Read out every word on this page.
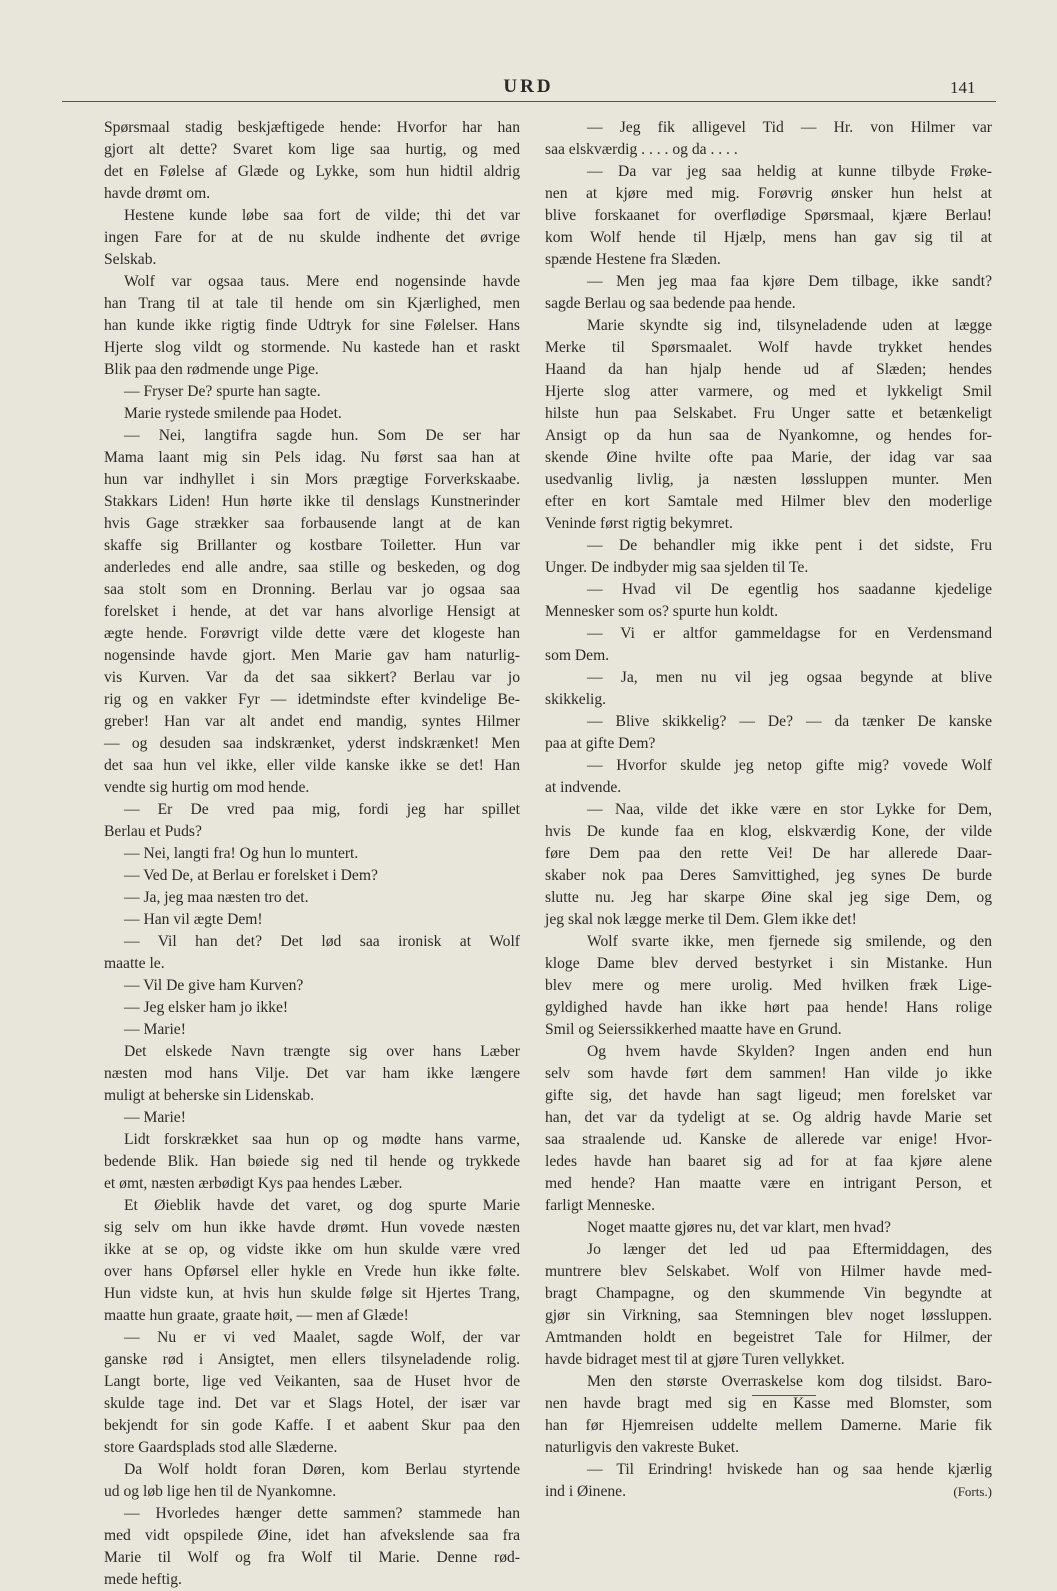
URD	141
Spørsmaal stadig beskjæftigede hende: Hvorfor har han
gjort alt dette? Svaret kom lige saa hurtig, og med
det en Følelse af Glæde og Lykke, som hun hidtil aldrig
havde drømt om.
Hestene kunde løbe saa fort de vilde; thi det var
ingen Fare for at de nu skulde indhente det øvrige
Selskab.
Wolf var ogsaa taus. Mere end nogensinde havde
han Trang til at tale til hende om sin Kjærlighed, men
han kunde ikke rigtig finde Udtryk for sine Følelser. Hans
Hjerte slog vildt og stormende. Nu kastede han et raskt
Blik paa den rødmende unge Pige.
— Fryser De? spurte han sagte.
Marie rystede smilende paa Hodet.
— Nei, langtifra sagde hun. Som De ser har
Mama laant mig sin Pels idag. Nu først saa han at
hun var indhyllet i sin Mors prægtige Forverkskaabe.
Stakkars Liden! Hun hørte ikke til denslags Kunstnerinder
hvis Gage strækker saa forbausende langt at de kan
skaffe sig Brillanter og kostbare Toiletter. Hun var
anderledes end alle andre, saa stille og beskeden, og dog
saa stolt som en Dronning. Berlau var jo ogsaa saa
forelsket i hende, at det var hans alvorlige Hensigt at
ægte hende. Forøvrigt vilde dette være det klogeste han
nogensinde havde gjort. Men Marie gav ham naturlig-
vis Kurven. Var da det saa sikkert? Berlau var jo
rig og en vakker Fyr — idetmindste efter kvindelige Be-
greber! Han var alt andet end mandig, syntes Hilmer
— og desuden saa indskrænket, yderst indskrænket! Men
det saa hun vel ikke, eller vilde kanske ikke se det! Han
vendte sig hurtig om mod hende.
— Er De vred paa mig, fordi jeg har spillet
Berlau et Puds?
— Nei, langti fra! Og hun lo muntert.
— Ved De, at Berlau er forelsket i Dem?
— Ja, jeg maa næsten tro det.
— Han vil ægte Dem!
— Vil han det? Det lød saa ironisk at Wolf
maatte le.
— Vil De give ham Kurven?
— Jeg elsker ham jo ikke!
— Marie!
Det elskede Navn trængte sig over hans Læber
næsten mod hans Vilje. Det var ham ikke længere
muligt at beherske sin Lidenskab.
— Marie!
Lidt forskrækket saa hun op og mødte hans varme,
bedende Blik. Han bøiede sig ned til hende og trykkede
et ømt, næsten ærbødigt Kys paa hendes Læber.
Et Øieblik havde det varet, og dog spurte Marie
sig selv om hun ikke havde drømt. Hun vovede næsten
ikke at se op, og vidste ikke om hun skulde være vred
over hans Opførsel eller hykle en Vrede hun ikke følte.
Hun vidste kun, at hvis hun skulde følge sit Hjertes Trang,
maatte hun graate, graate høit, — men af Glæde!
— Nu er vi ved Maalet, sagde Wolf, der var
ganske rød i Ansigtet, men ellers tilsyneladende rolig.
Langt borte, lige ved Veikanten, saa de Huset hvor de
skulde tage ind. Det var et Slags Hotel, der især var
bekjendt for sin gode Kaffe. I et aabent Skur paa den
store Gaardsplads stod alle Slæderne.
Da Wolf holdt foran Døren, kom Berlau styrtende
ud og løb lige hen til de Nyankomne.
— Hvorledes hænger dette sammen? stammede han
med vidt opspilede Øine, idet han afvekslende saa fra
Marie til Wolf og fra Wolf til Marie. Denne rød-
mede heftig.
— Jeg fik alligevel Tid — Hr. von Hilmer var
saa elskværdig . . . . og da . . . .
— Da var jeg saa heldig at kunne tilbyde Frøke-
nen at kjøre med mig. Forøvrig ønsker hun helst at
blive forskaanet for overflødige Spørsmaal, kjære Berlau!
kom Wolf hende til Hjælp, mens han gav sig til at
spænde Hestene fra Slæden.
— Men jeg maa faa kjøre Dem tilbage, ikke sandt?
sagde Berlau og saa bedende paa hende.
Marie skyndte sig ind, tilsyneladende uden at lægge
Merke til Spørsmaalet. Wolf havde trykket hendes
Haand da han hjalp hende ud af Slæden; hendes
Hjerte slog atter varmere, og med et lykkeligt Smil
hilste hun paa Selskabet. Fru Unger satte et betænkeligt
Ansigt op da hun saa de Nyankomne, og hendes for-
skende Øine hvilte ofte paa Marie, der idag var saa
usedvanlig livlig, ja næsten løssluppen munter. Men
efter en kort Samtale med Hilmer blev den moderlige
Veninde først rigtig bekymret.
— De behandler mig ikke pent i det sidste, Fru
Unger. De indbyder mig saa sjelden til Te.
— Hvad vil De egentlig hos saadanne kjedelige
Mennesker som os? spurte hun koldt.
— Vi er altfor gammeldagse for en Verdensmand
som Dem.
— Ja, men nu vil jeg ogsaa begynde at blive
skikkelig.
— Blive skikkelig? — De? — da tænker De kanske
paa at gifte Dem?
— Hvorfor skulde jeg netop gifte mig? vovede Wolf
at indvende.
— Naa, vilde det ikke være en stor Lykke for Dem,
hvis De kunde faa en klog, elskværdig Kone, der vilde
føre Dem paa den rette Vei! De har allerede Daar-
skaber nok paa Deres Samvittighed, jeg synes De burde
slutte nu. Jeg har skarpe Øine skal jeg sige Dem, og
jeg skal nok lægge merke til Dem. Glem ikke det!
Wolf svarte ikke, men fjernede sig smilende, og den
kloge Dame blev derved bestyrket i sin Mistanke. Hun
blev mere og mere urolig. Med hvilken fræk Lige-
gyldighed havde han ikke hørt paa hende! Hans rolige
Smil og Seierssikkerhed maatte have en Grund.
Og hvem havde Skylden? Ingen anden end hun
selv som havde ført dem sammen! Han vilde jo ikke
gifte sig, det havde han sagt ligeud; men forelsket var
han, det var da tydeligt at se. Og aldrig havde Marie set
saa straalende ud. Kanske de allerede var enige! Hvor-
ledes havde han baaret sig ad for at faa kjøre alene
med hende? Han maatte være en intrigant Person, et
farligt Menneske.
Noget maatte gjøres nu, det var klart, men hvad?
Jo længer det led ud paa Eftermiddagen, des
muntrere blev Selskabet. Wolf von Hilmer havde med-
bragt Champagne, og den skummende Vin begyndte at
gjør sin Virkning, saa Stemningen blev noget løssluppen.
Amtmanden holdt en begeistret Tale for Hilmer, der
havde bidraget mest til at gjøre Turen vellykket.
Men den største Overraskelse kom dog tilsidst. Baro-
nen havde bragt med sig en Kasse med Blomster, som
han før Hjemreisen uddelte mellem Damerne. Marie fik
naturligvis den vakreste Buket.
— Til Erindring! hviskede han og saa hende kjærlig
ind i Øinene.	(Forts.)
